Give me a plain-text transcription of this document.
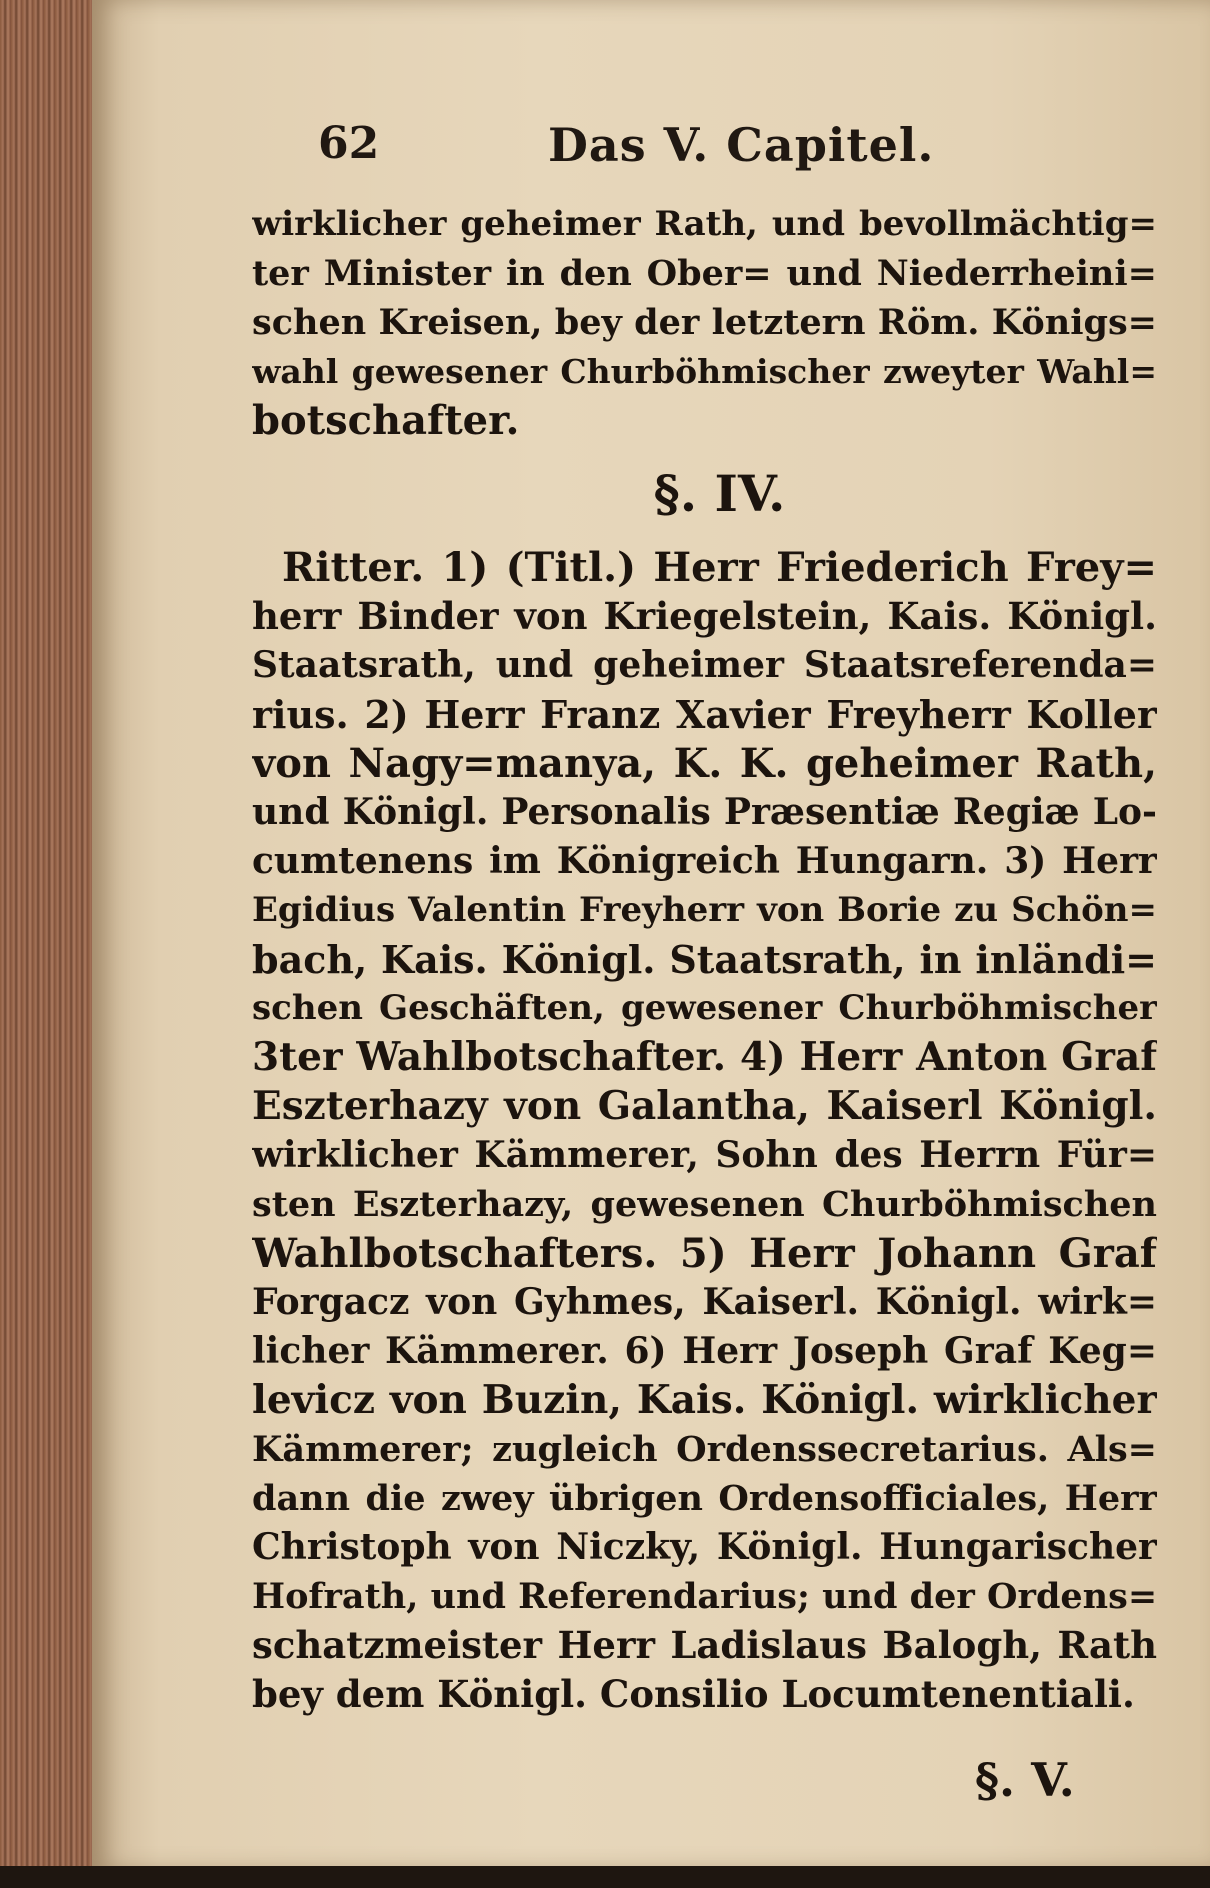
62	Das V. Capitel.
wirklicher geheimer Rath, und bevollmächtig=
ter Minister in den Ober= und Niederrheini=
schen Kreisen, bey der letztern Röm. Königs=
wahl gewesener Churböhmischer zweyter Wahl=
botschafter.
§. IV.
Ritter. 1) (Titl.) Herr Friederich Frey=
herr Binder von Kriegelstein, Kais. Königl.
Staatsrath, und geheimer Staatsreferenda=
rius. 2) Herr Franz Xavier Freyherr Koller
von Nagy=manya, K. K. geheimer Rath,
und Königl. Personalis Præsentiæ Regiæ Lo-
cumtenens im Königreich Hungarn. 3) Herr
Egidius Valentin Freyherr von Borie zu Schön=
bach, Kais. Königl. Staatsrath, in inländi=
schen Geschäften, gewesener Churböhmischer
3ter Wahlbotschafter. 4) Herr Anton Graf
Eszterhazy von Galantha, Kaiserl Königl.
wirklicher Kämmerer, Sohn des Herrn Für=
sten Eszterhazy, gewesenen Churböhmischen
Wahlbotschafters. 5) Herr Johann Graf
Forgacz von Gyhmes, Kaiserl. Königl. wirk=
licher Kämmerer. 6) Herr Joseph Graf Keg=
levicz von Buzin, Kais. Königl. wirklicher
Kämmerer; zugleich Ordenssecretarius. Als=
dann die zwey übrigen Ordensofficiales, Herr
Christoph von Niczky, Königl. Hungarischer
Hofrath, und Referendarius; und der Ordens=
schatzmeister Herr Ladislaus Balogh, Rath
bey dem Königl. Consilio Locumtenentiali.
§. V.
